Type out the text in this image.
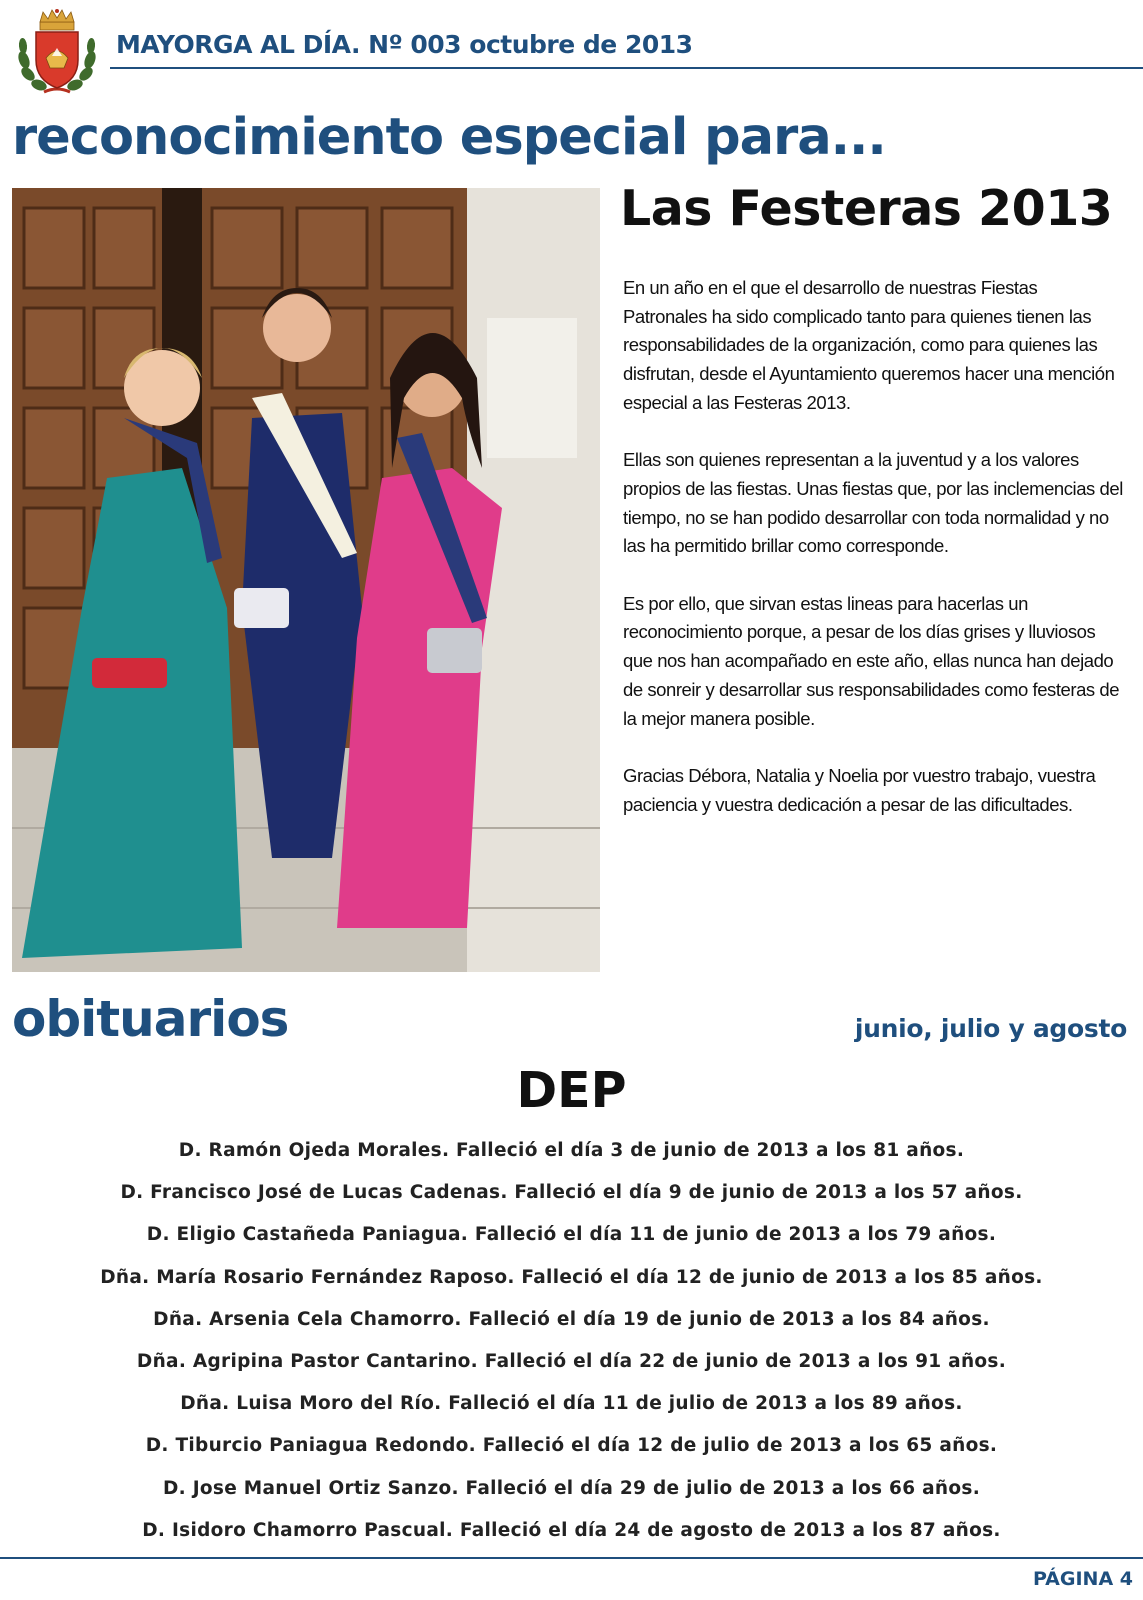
MAYORGA AL DÍA. Nº 003 octubre de 2013
reconocimiento especial para...
Las Festeras 2013

En un año en el que el desarrollo de nuestras Fiestas Patronales ha sido complicado tanto para quienes tienen las responsabilidades de la organización, como para quienes las disfrutan, desde el Ayuntamiento queremos hacer una mención especial a las Festeras 2013.

Ellas son quienes representan a la juventud y a los valores propios de las fiestas. Unas fiestas que, por las inclemencias del tiempo, no se han podido desarrollar con toda normalidad y no las ha permitido brillar como corresponde.

Es por ello, que sirvan estas lineas para hacerlas un reconocimiento porque, a pesar de los días grises y lluviosos que nos han acompañado en este año, ellas nunca han dejado de sonreir y desarrollar sus responsabilidades como festeras de la mejor manera posible.

Gracias Débora, Natalia y Noelia por vuestro trabajo, vuestra paciencia y vuestra dedicación a pesar de las dificultades.

obituarios	junio, julio y agosto
DEP
D. Ramón Ojeda Morales. Falleció el día 3 de junio de 2013 a los 81 años.
D. Francisco José de Lucas Cadenas. Falleció el día 9 de junio de 2013 a los 57 años.
D. Eligio Castañeda Paniagua. Falleció el día 11 de junio de 2013 a los 79 años.
Dña. María Rosario Fernández Raposo. Falleció el día 12 de junio de 2013 a los 85 años.
Dña. Arsenia Cela Chamorro. Falleció el día 19 de junio de 2013 a los 84 años.
Dña. Agripina Pastor Cantarino. Falleció el día 22 de junio de 2013 a los 91 años.
Dña. Luisa Moro del Río. Falleció el día 11 de julio de 2013 a los 89 años.
D. Tiburcio Paniagua Redondo. Falleció el día 12 de julio de 2013 a los 65 años.
D. Jose Manuel Ortiz Sanzo. Falleció el día 29 de julio de 2013 a los 66 años.
D. Isidoro Chamorro Pascual. Falleció el día 24 de agosto de 2013 a los 87 años.
PÁGINA 4
